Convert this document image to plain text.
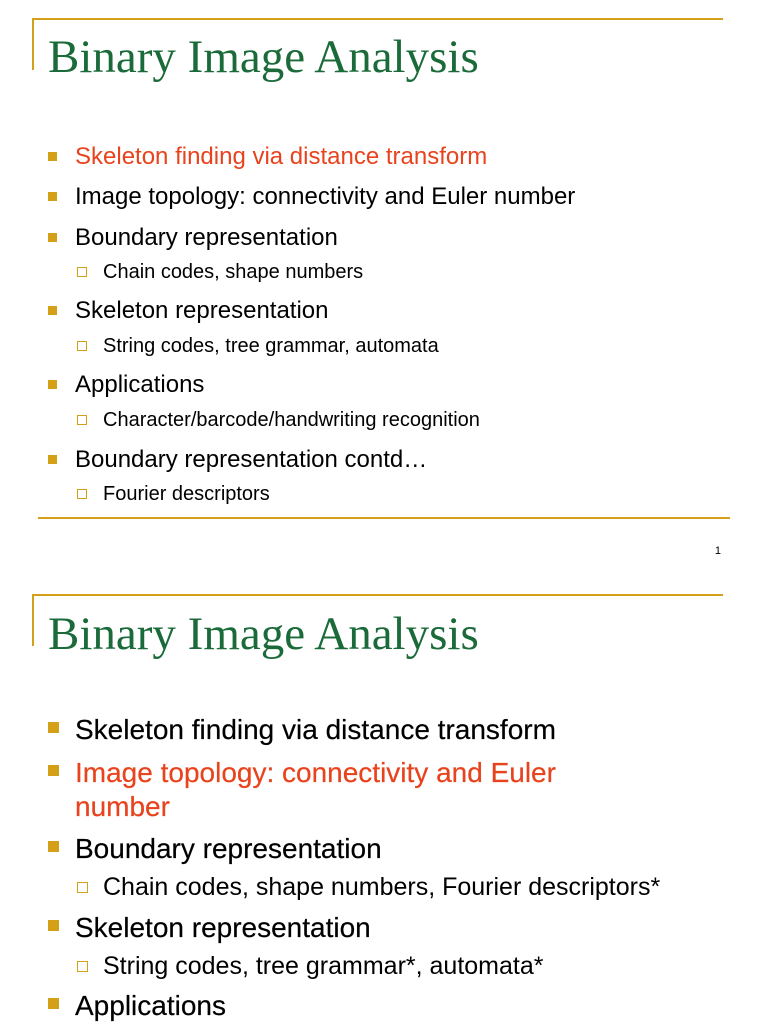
Binary Image Analysis
Skeleton finding via distance transform
Image topology: connectivity and Euler number
Boundary representation
Chain codes, shape numbers
Skeleton representation
String codes, tree grammar, automata
Applications
Character/barcode/handwriting recognition
Boundary representation contd…
Fourier descriptors
1
Binary Image Analysis
Skeleton finding via distance transform
Image topology: connectivity and Euler
number
Boundary representation
Chain codes, shape numbers, Fourier descriptors*
Skeleton representation
String codes, tree grammar*, automata*
Applications
